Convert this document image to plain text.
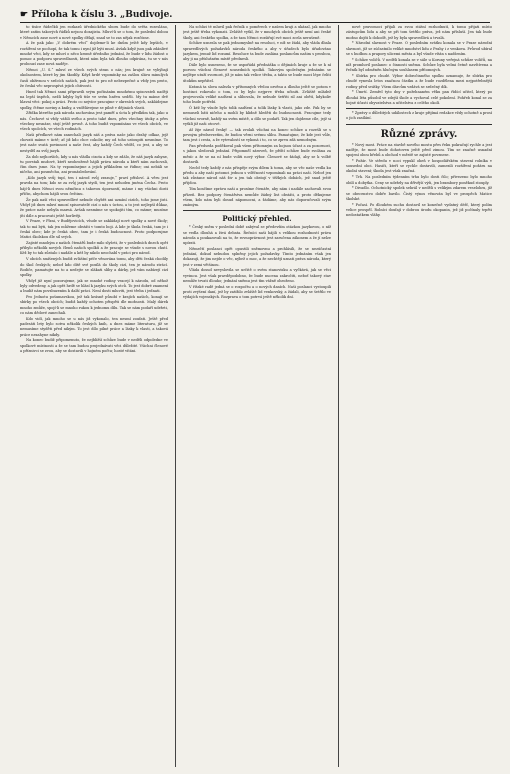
☛ Příloha k číslu 3. „Budivoje.

to tisíce řádečků jen rozkazů úřednického sboru bude do světa rozesláno, které zatím takových řádků nejsou dozajista. Mluví-li se o tom, že poslední dobou v Němcích zase nové a nové spolky dělají, snad se to zas nějak rozčísne.

A že pak jako „V dobrém věcí“ dojdeme-li ke dnům ještě kdy lepších, v rozšíření se pochopí, že tak tomu i nyní již býti musí. Avšak když jsou pak zdánlivé mnohé věci, kdy se mluví o něco kromě úředního jednání, že bude v lidu žádost o pomoc a podporu spravedlnosti, která nám byla tak dlouho odpírána, tu se v nás probouzí zase nová naděje.

Němci „U. S.“ mluví ze všech svých stran o nás; jen krajně se vyhýbají okolnostem, které by jim škodily. Když hrdé vzpomínky na zašlou slávu minulých časů obživnou v srdcích našich, pak jest to pro ně nebezpečné a vždy jen proto, že česká věc neprospívá jejich chtivosti.

Hned tak Němci sami připravili svým počínáním mnohému spisovateli naději na lepší úspěch, nežli kdyby byli tiše ve svém hněvu seděli. My tu máme dvě hlavní věci: pokoj a práci. Proto co nejvíce pracujme v okresích svých, zakládejme spolky, čtěme noviny a knihy, a vzdělávejme se pilně v dějinách vlasti.

Zřídka kterého pak národa zachována jest paměť a úcta k předkům tak, jako u nás. Čechové si vždy vážili svého a proto také dnes, přes všechny útoky a přes všechny nesnáze, stojí ještě pevně. A toho budiž vzpomínáno ve všech obcích, ve všech spolcích, ve všech rodinách.

Naši předkové nám zanechali jazyk náš a práva naše jako drahý odkaz, jejž chovati máme v úctě; ať již kdo chce cokoliv, my od toho ustoupiti nesmíme. To jest naše svatá povinnost a naše čest, aby každý Čech věděl, co jest, a aby se nestyděl za svůj jazyk.

Za dob nejhorších, kdy u nás vládla cizota a kdy se zdálo, že náš jazyk zahyne, tu povstali mužové, kteří neohroženě hájili práva národa a kteří nám zachovali, čím dnes jsme. Na ty vzpomínejme a jejich příkladem se řiďme; oni nebáli se ničeho, ani posměchu, ani pronásledování.

„Kdo jazyk svůj tupí, ten i národ svůj zrazuje,“ praví přísloví. A věru jest pravda na tom; kdo se za svůj jazyk stydí, ten jest nehoden jména Čecha. Proto hájí-li dnes Němci svou němčinu s takovou úporností, máme i my všichni dosti příčin, abychom hájili svou češtinu.

Že pak naší věci spravedlivé nebude chybět ani uznání cizích, toho jsme jisti. Vždyť již dnes mluví mnozí spisovatelé cizí o nás s úctou, a to jest nejlepší důkaz, že práce naše nebyla marná. Avšak nesmíme se spokojiti tím, co máme; musíme jíti dále a pracovati ještě horlivěji.

V Praze, v Plzni, v Budějovicích, všude se zakládají nové spolky a nové školy; tak to má býti, tak jen můžeme obstáti v tomto boji. A kde je škola česká, tam je i česká obec; kde je česká obec, tam je i česká budoucnost. Proto podporujme Matici školskou dle sil svých.

Zajisté mnohým z našich čtenářů bude milo slyšeti, že v posledních dnech opět přibylo několik nových členů našich spolků a že pracuje se všude s novou chutí. Kéž by to tak zůstalo i nadále a kéž by nikdo neochabl v práci pro národ.

V obcích smíšených budiž zvláštní péče věnována tomu, aby děti česká chodily do škol českých; neboť kdo dítě své posílá do školy cizí, ten je národu ztrácí. Rodiče, pamatujte na to a nedejte se zlákati sliby a dárky, jež vám nabízejí cizí spolky.

Vždyť již nyní pozorujeme, jak se mnohé rodiny vracejí k národu, od něhož byly odvedeny, a jak opět hrdě se hlásí k jazyku svých otců. To jest dobré znamení a budiž nám povzbuzením k další práci. Není dosti mluviti, jest třeba i jednati.

Pro Jednotu pošumavskou, jež tak krásně působí v krajích našich, konají se sbírky po všech obcích; budiž každý ochoten přispěti dle možnosti. Malý dárek mnoho zmůže, spojí-li se mnoho rukou k jednomu dílu. Tak se nám podaří udržeti, co nám dědové zanechali.

Kdo vidí, jak mnoho se u nás již vykonalo, ten nesmí zoufati. Ještě před padesáti lety bylo sotva několik českých knih, a dnes máme literaturu, jíž se nemusíme styděti před nikým. To jest dílo pilné práce a lásky k vlasti, a taková práce nezahyne nikdy.

Na konec budiž připomenuto, že nejbližší schůze bude v neděli odpoledne ve spolkové místnosti a že se tam budou projednávati věci důležité. Všichni členové a příznivci se zvou, aby se dostavili v hojném počtu; hosté vítáni.

Na schůzi té mluvil pak řečník o poměrech v našem kraji a ukázal, jak mnoho jest ještě třeba vykonati. Zvláště vytkl, že v mnohých obcích ještě není ani české školy, ani českého spolku, a že tam Němci rozšiřují své moci zcela nerušeně.

Schůze usnesla se pak jednomyslně na resoluci, v níž se žádá, aby vláda dbala spravedlivých požadavků národa českého a aby v úřadech bylo úřadováno jazykem, jemuž lid rozumí. Resoluce ta bude zaslána poslancům našim s prosbou, aby ji na příslušném místě přednesli.

Dále bylo usneseno, že se uspořádá přednáška o dějinách kraje a že se k ní pozvou všichni členové sousedních spolků. Takovým společným jednáním se nejlépe utuží svornost, jíž je nám tak velice třeba, a takto se bude moci lépe čeliti útokům nepřátel.

Krásná ta slova nalezla v přítomných vřelou ozvěnu a dlouho ještě se potom v hostinci rokovalo o tom, co by bylo nejprve třeba učiniti. Zvláště mládež projevovala veliké nadšení a slibovala, že nebude šetřiti sil ani obětí, kdykoliv toho bude potřebí.

Ó kéž by všude bylo tolik nadšení a tolik lásky k vlasti, jako zde. Pak by se nemuseli báti ničeho a mohli by klidně hleděti do budoucnosti. Pracujme tedy všichni svorně, každý na svém místě, a dílo se podaří. Tak jen dojdeme cíle, jejž si vytkli již naši otcové.

Ať žije národ český! — tak zvolali všichni na konec schůze a rozešli se s pevným předsevzetím, že budou věrni svému slibu. Pamatujme, že kde jest vůle, tam jest i cesta, a že vytrvalostí se vykoná i to, co se zprvu zdá nemožným.

Pan předseda poděkoval pak všem přítomným za hojnou účast a za pozornost, s jakou sledovali jednání. Připomněl zároveň, že příští schůze bude svolána za měsíc a že se na ní bude voliti nový výbor. Členové se žádají, aby se k volbě dostavili.

Nechť tedy každý z nás přispěje svým dílem k tomu, aby se věc naše vedla ku předu a aby naši potomci jednou s vděčností vzpomínali na práci naši. Neboť jen tak zůstane národ náš živ a jen tak obstojí v těžkých dobách, jež snad ještě přijdou.

Tím končíme zprávu naši a prosíme čtenáře, aby nám i nadále zachovali svou přízeň. Bez podpory čtenářstva nemůže žádný list obstáti, a proto děkujeme všem, kdo nám byli dosud nápomocni, a žádáme, aby nás doporučovali svým známým.

Politický přehled.

* Český sněm v poslední době zabýval se především otázkou jazykovou, o níž se vedla dlouhá a živá debata. Řečníci naši hájili s velikou rozhodností práva národa a poukazovali na to, že rovnoprávnost jest zaručena zákonem a že jí nelze upírati.

Němečtí poslanci opět opustili sněmovnu a prohlásili, že se nezúčastní jednání, dokud nebudou splněny jejich požadavky. Tímto jednáním však jen dokazují, že jim nejde o věc, nýbrž o moc, a že nechtějí uznati práva národa, který jest v zemi většinou.

Vláda dosud nevyslovila se určitě o svém stanovisku a vyčkává, jak se věci vyvinou. Jest však pravděpodobno, že bude nucena zakročiti, neboť takový stav nemůže trvati dlouho; jednání sněmu jest tím vážně ohroženo.

V říšské radě jedná se o rozpočtu a o nových daních. Naši poslanci vystoupili proti zvýšení daní, jež by zatížilo zvláště lid venkovský, a žádali, aby se šetřilo ve výdajích vojenských. Rozprava o tom potrvá ještě několik dní.

nové pravomoci přijali za svou státní rozhodnutí, k tomu přijati místo zástupcům lidu a aby se při tom šetřilo práva, jež nám přísluší. Jen tak bude možno dojíti k dohodě, jež by byla spravedlivá a trvalá.

* Národní slavnost v Praze. O posledním svátku konala se v Praze národní slavnost, jíž se zúčastnilo veliké množství lidu z Prahy i z venkova. Průvod ubíral se s hudbou a prapory ulicemi města a byl všude vítán s nadšením.

* Schůze voličů. V neděli konala se v sále u Koruny veřejná schůze voličů, na níž promluvil poslanec o činnosti sněmu. Schůze byla velmi četně navštívena a řečník byl odměněn hlučným souhlasem přítomných.

* Sbírka pro chudé. Výbor dobročinného spolku oznamuje, že sbírka pro chudé vynesla letos značnou částku a že bude rozdělena mezi nejpotřebnější rodiny před svátky. Všem dárcům vzdává se srdečný dík.

* Úmrtí. Zemřel tyto dny v požehnaném věku pan řídící učitel, který po dlouhá léta působil ve zdejší škole a vychoval celé pokolení. Pohřeb konal se za hojné účasti obyvatelstva a učitelstva z celého okolí.

* Zprávy o důležitých událostech z kraje přijímá redakce vždy ochotně a prosí o jich zasílání.

Různé zprávy.

* Nový most. Práce na stavbě nového mostu přes řeku pokračují rychle a jest naděje, že most bude dohotoven ještě před zimou. Tím se značně usnadní spojení obou břehů a obchod v městě se zajisté povznese.

* Požár. Ve středu v noci vypukl oheň v hospodářském stavení rolníka v sousední obci. Hasiči, kteří se rychle dostavili, zamezili rozšíření požáru na okolní stavení; škoda jest však značná.

* Trh. Na posledním týdenním trhu bylo dosti čilo; přivezeno bylo mnoho obilí a dobytka. Ceny se udržely na dřívější výši, jen brambory poněkud stouply.

* Divadlo. Ochotnický spolek sehrál v neděli s velikým zdarem veselohru, jíž se obecenstvo dobře bavilo. Čistý výnos věnován byl ve prospěch Matice školské.

* Počasí. Po dlouhém suchu dostavil se konečně vydatný déšť, který polím velice prospěl. Rolníci doufají v dobrou úrodu okopanin, jež již počínaly trpěti nedostatkem vláhy.
